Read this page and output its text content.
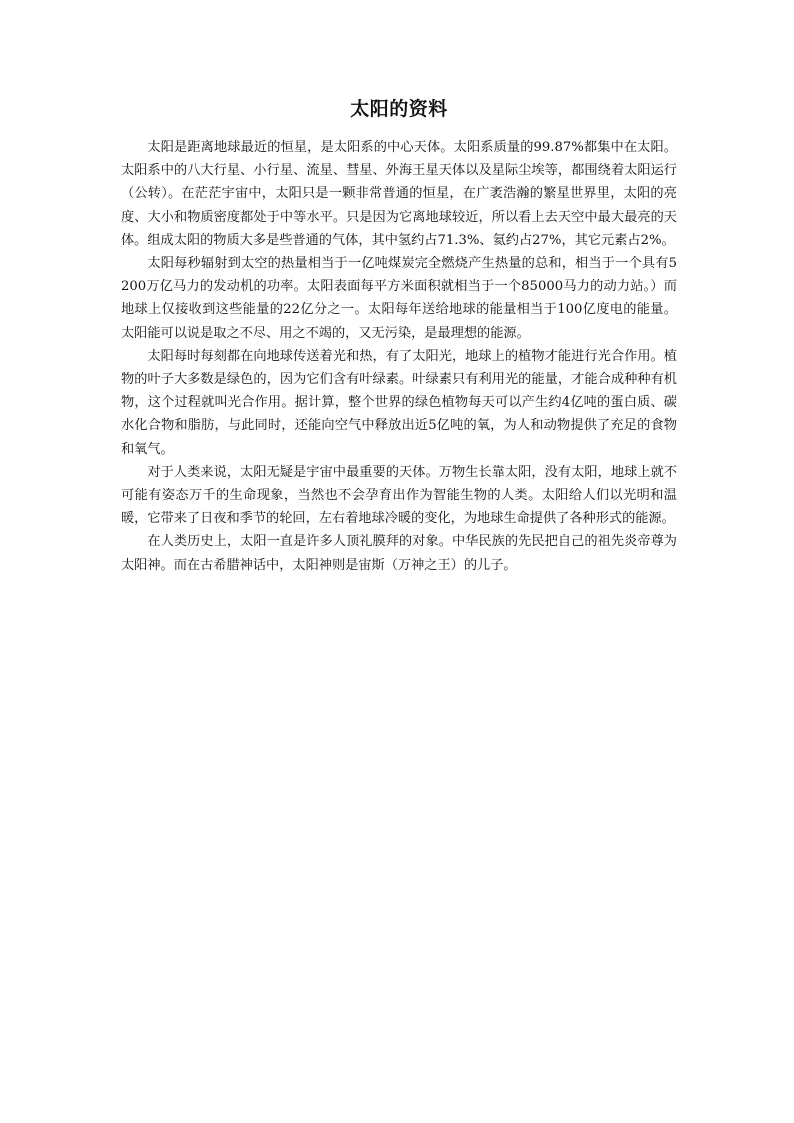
太阳的资料

太阳是距离地球最近的恒星，是太阳系的中心天体。太阳系质量的99.87%都集中在太阳。太阳系中的八大行星、小行星、流星、彗星、外海王星天体以及星际尘埃等，都围绕着太阳运行（公转）。在茫茫宇宙中，太阳只是一颗非常普通的恒星，在广袤浩瀚的繁星世界里，太阳的亮度、大小和物质密度都处于中等水平。只是因为它离地球较近，所以看上去天空中最大最亮的天体。组成太阳的物质大多是些普通的气体，其中氢约占71.3%、氦约占27%，其它元素占2%。

太阳每秒辐射到太空的热量相当于一亿吨煤炭完全燃烧产生热量的总和，相当于一个具有5200万亿马力的发动机的功率。太阳表面每平方米面积就相当于一个85000马力的动力站。）而地球上仅接收到这些能量的22亿分之一。太阳每年送给地球的能量相当于100亿度电的能量。太阳能可以说是取之不尽、用之不竭的，又无污染，是最理想的能源。

太阳每时每刻都在向地球传送着光和热，有了太阳光，地球上的植物才能进行光合作用。植物的叶子大多数是绿色的，因为它们含有叶绿素。叶绿素只有利用光的能量，才能合成种种有机物，这个过程就叫光合作用。据计算，整个世界的绿色植物每天可以产生约4亿吨的蛋白质、碳水化合物和脂肪，与此同时，还能向空气中释放出近5亿吨的氧，为人和动物提供了充足的食物和氧气。

对于人类来说，太阳无疑是宇宙中最重要的天体。万物生长靠太阳，没有太阳，地球上就不可能有姿态万千的生命现象，当然也不会孕育出作为智能生物的人类。太阳给人们以光明和温暖，它带来了日夜和季节的轮回，左右着地球冷暖的变化，为地球生命提供了各种形式的能源。

在人类历史上，太阳一直是许多人顶礼膜拜的对象。中华民族的先民把自己的祖先炎帝尊为太阳神。而在古希腊神话中，太阳神则是宙斯（万神之王）的儿子。
